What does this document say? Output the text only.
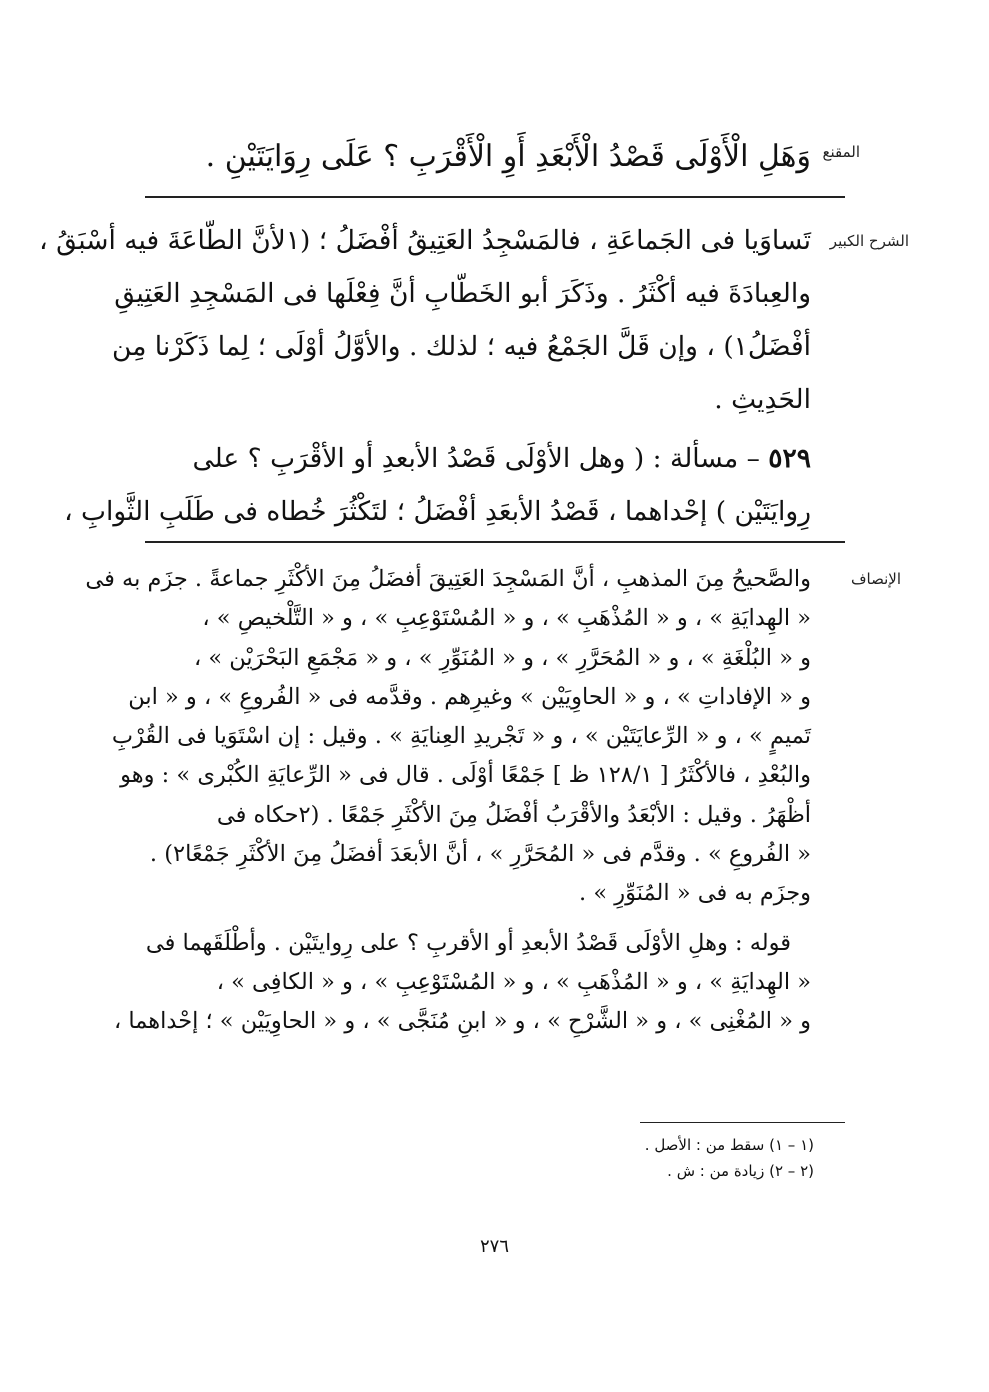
المقنع
وَهَلِ الْأَوْلَى قَصْدُ الْأَبْعَدِ أَوِ الْأَقْرَبِ ؟ عَلَى رِوَايَتَيْنِ .
الشرح الكبير
تَساوَيا فى الجَماعَةِ ، فالمَسْجِدُ العَتِيقُ أفْضَلُ ؛ (١لأنَّ الطّاعَةَ فيه أسْبَقُ ،
والعِبادَةَ فيه أكْثَرُ . وذَكَرَ أبو الخَطّابِ أنَّ فِعْلَها فى المَسْجِدِ العَتِيقِ
أفْضَلُ١) ، وإن قَلَّ الجَمْعُ فيه ؛ لذلك . والأوَّلُ أوْلَى ؛ لِما ذَكَرْنا مِن
الحَدِيثِ .
٥٢٩ – مسألة : ( وهل الأوْلَى قَصْدُ الأبعدِ أو الأقْرَبِ ؟ على
رِوايَتَيْن ) إحْداهما ، قَصْدُ الأبعَدِ أفْضَلُ ؛ لتَكْثُرَ خُطاه فى طَلَبِ الثَّوابِ ،
الإنصاف
والصَّحيحُ مِنَ المذهبِ ، أنَّ المَسْجِدَ العَتِيقَ أفضَلُ مِنَ الأكْثَرِ جماعةً . جزَم به فى
« الهِدايَةِ » ، و « المُذْهَبِ » ، و « المُسْتَوْعِبِ » ، و « التَّلْخيصِ » ،
و « البُلْغَةِ » ، و « المُحَرَّرِ » ، و « المُنَوِّرِ » ، و « مَجْمَعِ البَحْرَيْن » ،
و « الإفاداتِ » ، و « الحاوِيَيْن » وغيرِهم . وقدَّمه فى « الفُروعِ » ، و « ابن
تَميمٍ » ، و « الرِّعايَتَيْن » ، و « تَجْريدِ العِنايَةِ » . وقيل : إن اسْتَوَيا فى القُرْبِ
والبُعْدِ ، فالأكْثَرُ [ ١٢٨/١ ظ ] جَمْعًا أوْلَى . قال فى « الرِّعايَةِ الكُبْرى » : وهو
أظْهَرُ . وقيل : الأبْعَدُ والأقْرَبُ أفْضَلُ مِنَ الأكْثَرِ جَمْعًا . (٢حكاه فى
« الفُروعِ » . وقدَّم فى « المُحَرَّرِ » ، أنَّ الأبعَدَ أفضَلُ مِنَ الأكْثَرِ جَمْعًا٢) .
وجزَم به فى « المُنَوِّرِ » .
قوله : وهلِ الأوْلَى قَصْدُ الأبعدِ أو الأقربِ ؟ على رِوايتَيْن . وأطْلَقَهما فى
« الهِدايَةِ » ، و « المُذْهَبِ » ، و « المُسْتَوْعِبِ » ، و « الكافِى » ،
و « المُغْنِى » ، و « الشَّرْحِ » ، و « ابنِ مُنَجَّى » ، و « الحاوِيَيْن » ؛ إحْداهما ،
(١ – ١) سقط من : الأصل .
(٢ – ٢) زيادة من : ش .
٢٧٦
